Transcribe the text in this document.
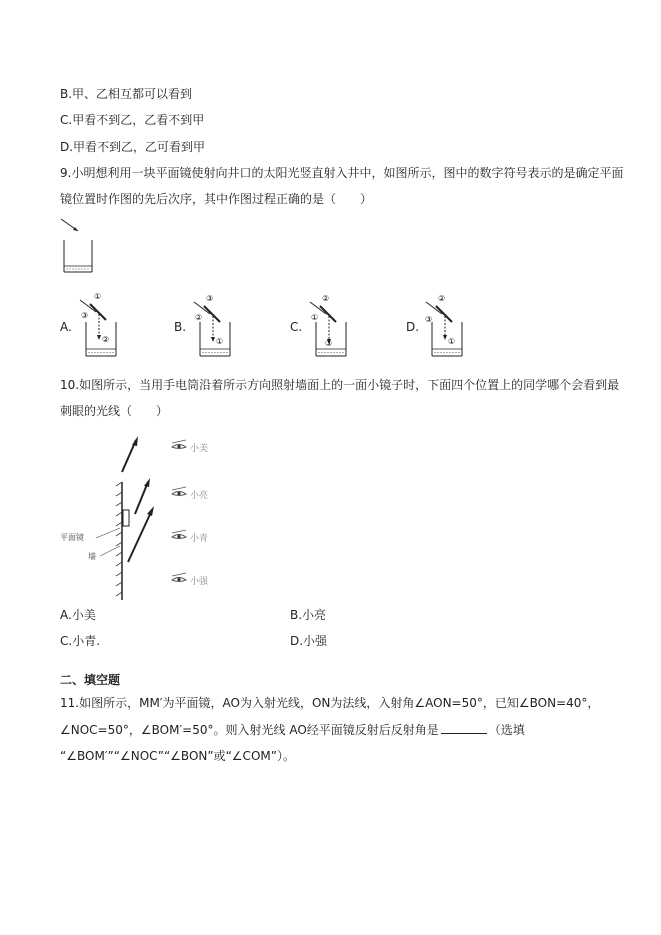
B.甲、乙相互都可以看到
C.甲看不到乙，乙看不到甲
D.甲看不到乙，乙可看到甲
9.小明想利用一块平面镜使射向井口的太阳光竖直射入井中，如图所示，图中的数字符号表示的是确定平面
镜位置时作图的先后次序，其中作图过程正确的是（　　）
A.
①
③
②
B.
③
②
①
C.
②
①
③
D.
②
③
①
10.如图所示，当用手电筒沿着所示方向照射墙面上的一面小镜子时，下面四个位置上的同学哪个会看到最
刺眼的光线（　　）
平面镜
墙
小美
小亮
小青
小强
A.小美	B.小亮
C.小青.	D.小强
二、填空题
11.如图所示，MM′为平面镜，AO为入射光线，ON为法线，入射角∠AON=50°，已知∠BON=40°，
∠NOC=50°，∠BOM′=50°。则入射光线 AO经平面镜反射后反射角是	（选填
“∠BOM′”“∠NOC”“∠BON”或“∠COM”）。
